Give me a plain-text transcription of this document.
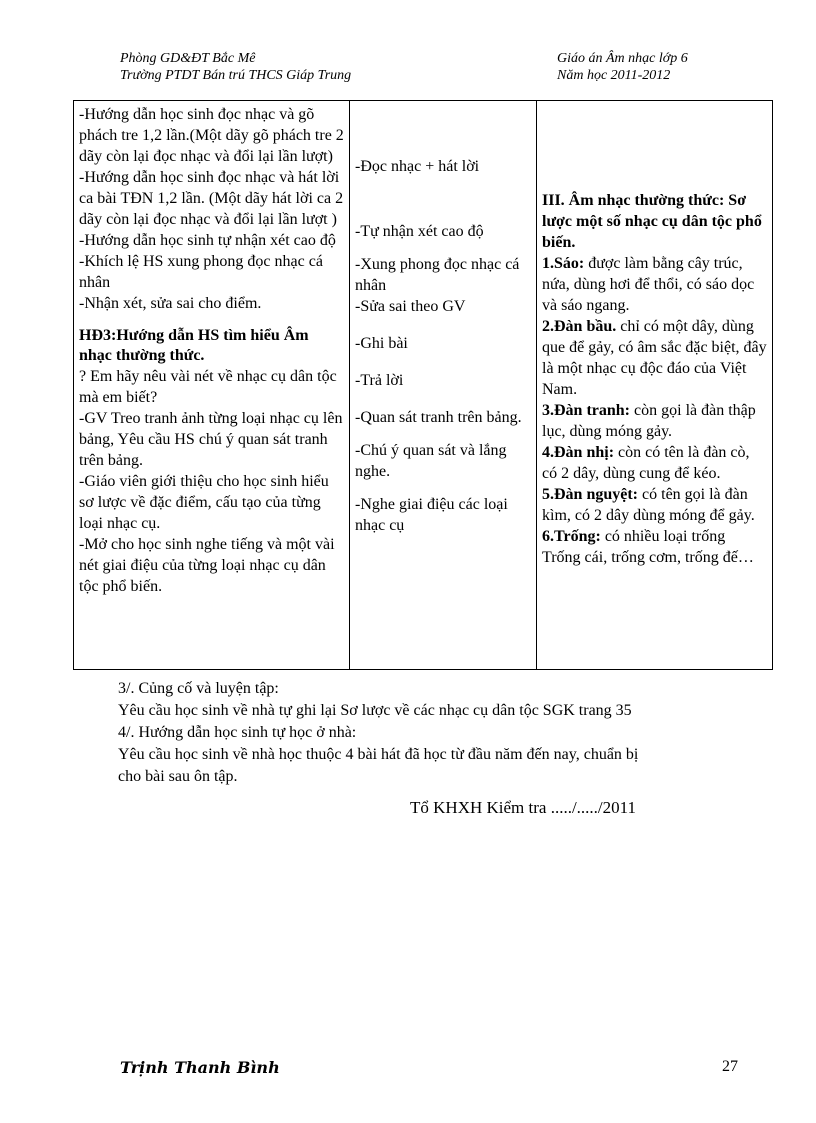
Phòng GD&ĐT Bắc Mê
Trường PTDT Bán trú THCS Giáp Trung
Giáo án Âm nhạc lớp 6
Năm học 2011-2012
-Hướng dẫn học sinh đọc nhạc và gõ phách tre 1,2 lần.(Một dãy gõ phách tre 2 dãy còn lại đọc nhạc và đổi lại lần lượt)
-Hướng dẫn học sinh đọc nhạc và hát lời ca bài TĐN 1,2 lần. (Một dãy hát lời ca 2 dãy còn lại đọc nhạc và đổi lại lần lượt )
-Hướng dẫn học sinh tự nhận xét cao độ
-Khích lệ HS xung phong đọc nhạc cá nhân
-Nhận xét, sửa sai cho điểm.
HĐ3:Hướng dẫn HS tìm hiểu Âm nhạc thường thức.
? Em hãy nêu vài nét về nhạc cụ dân tộc mà em biết?
-GV Treo tranh ảnh từng loại nhạc cụ lên bảng, Yêu cầu HS chú ý quan sát tranh trên bảng.
-Giáo viên giới thiệu cho học sinh hiểu sơ lược về đặc điểm, cấu tạo của từng loại nhạc cụ.
-Mở cho học sinh nghe tiếng và một vài nét giai điệu của từng loại nhạc cụ dân tộc phổ biến.

-Đọc nhạc + hát lời
-Tự nhận xét cao độ
-Xung phong đọc nhạc cá nhân
-Sửa sai theo GV
-Ghi bài
-Trả lời
-Quan sát tranh trên bảng.
-Chú ý quan sát và lắng nghe.
-Nghe giai điệu các loại nhạc cụ

III. Âm nhạc thường thức: Sơ lược một số nhạc cụ dân tộc phổ biến.
1.Sáo: được làm bằng cây trúc, nứa, dùng hơi để thổi, có sáo dọc và sáo ngang.
2.Đàn bầu. chỉ có một dây, dùng que để gảy, có âm sắc đặc biệt, đây là một nhạc cụ độc đáo của Việt Nam.
3.Đàn tranh: còn gọi là đàn thập lục, dùng móng gảy.
4.Đàn nhị: còn có tên là đàn cò, có 2 dây, dùng cung để kéo.
5.Đàn nguyệt: có tên gọi là đàn kìm, có 2 dây dùng móng để gảy.
6.Trống: có nhiều loại trống Trống cái, trống cơm, trống đế…
3/. Củng cố và luyện tập:
Yêu cầu học sinh về nhà tự ghi lại Sơ lược về các nhạc cụ dân tộc SGK trang 35
4/. Hướng dẫn học sinh tự học ở nhà:
Yêu cầu học sinh về nhà học thuộc 4 bài hát đã học từ đầu năm đến nay, chuẩn bị
cho bài sau ôn tập.
Tổ KHXH Kiểm tra ...../...../2011
Trịnh Thanh Bình	27
